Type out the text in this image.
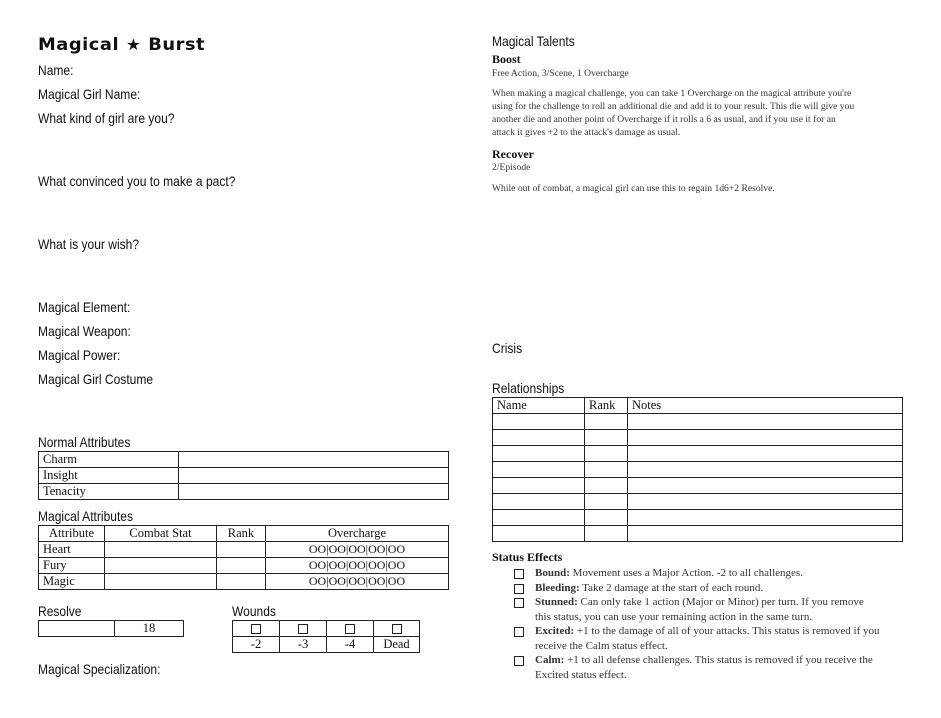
Magical ★ Burst
Name:
Magical Girl Name:
What kind of girl are you?
What convinced you to make a pact?
What is your wish?
Magical Element:
Magical Weapon:
Magical Power:
Magical Girl Costume
Normal Attributes
Charm	
Insight	
Tenacity	
Magical Attributes
Attribute	Combat Stat	Rank	Overcharge
Heart			OO|OO|OO|OO|OO
Fury			OO|OO|OO|OO|OO
Magic			OO|OO|OO|OO|OO
Resolve
	18
Wounds

-2	-3	-4	Dead
Magical Specialization:
Magical Talents
Boost
Free Action, 3/Scene, 1 Overcharge
When making a magical challenge, you can take 1 Overcharge on the magical attribute you're
using for the challenge to roll an additional die and add it to your result. This die will give you
another die and another point of Overcharge if it rolls a 6 as usual, and if you use it for an
attack it gives +2 to the attack's damage as usual.
Recover
2/Episode
While out of combat, a magical girl can use this to regain 1d6+2 Resolve.
Crisis
Relationships
Name	Rank	Notes

Status Effects
Bound: Movement uses a Major Action. -2 to all challenges.
Bleeding: Take 2 damage at the start of each round.
Stunned: Can only take 1 action (Major or Minor) per turn. If you remove
this status, you can use your remaining action in the same turn.
Excited: +1 to the damage of all of your attacks. This status is removed if you
receive the Calm status effect.
Calm: +1 to all defense challenges. This status is removed if you receive the
Excited status effect.
